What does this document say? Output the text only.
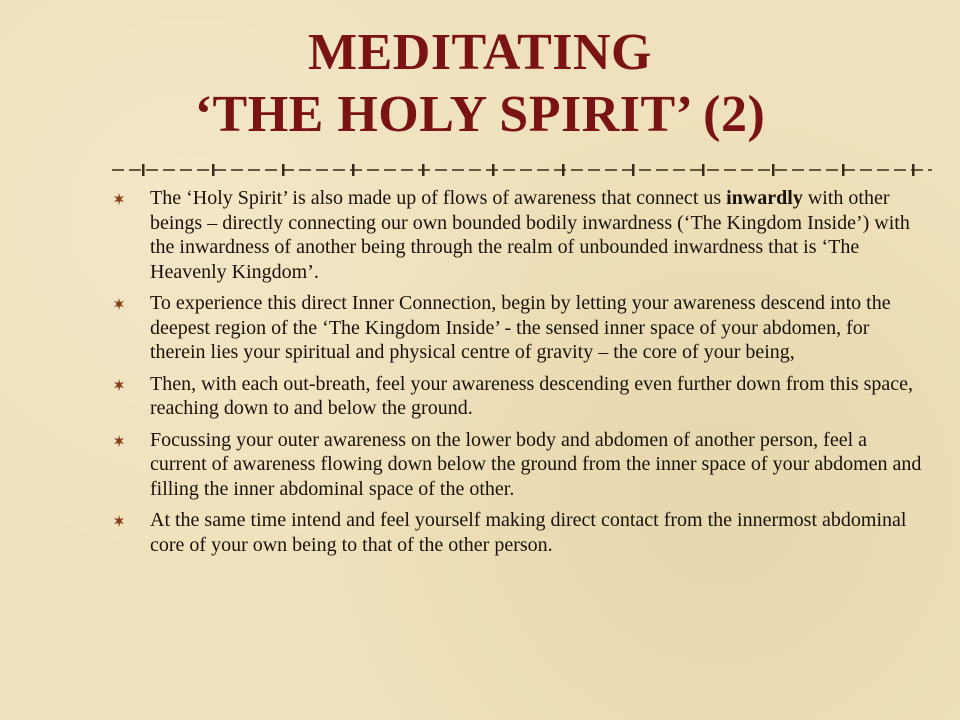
MEDITATING
‘THE HOLY SPIRIT’ (2)
The ‘Holy Spirit’ is also made up of flows of awareness that connect us inwardly with other beings – directly connecting our own bounded bodily inwardness (‘The Kingdom Inside’) with the inwardness of another being through the realm of unbounded inwardness that is ‘The Heavenly Kingdom’.
To experience this direct Inner Connection, begin by letting your awareness descend into the deepest region of the ‘The Kingdom Inside’ - the sensed inner space of your abdomen, for therein lies your spiritual and physical centre of gravity – the core of your being,
Then, with each out-breath, feel your awareness descending even further down from this space, reaching down to and below the ground.
Focussing your outer awareness on the lower body and abdomen of another person, feel a current of awareness flowing down below the ground from the inner space of your abdomen and filling the inner abdominal space of the other.
At the same time intend and feel yourself making direct contact from the innermost abdominal core of your own being to that of the other person.
